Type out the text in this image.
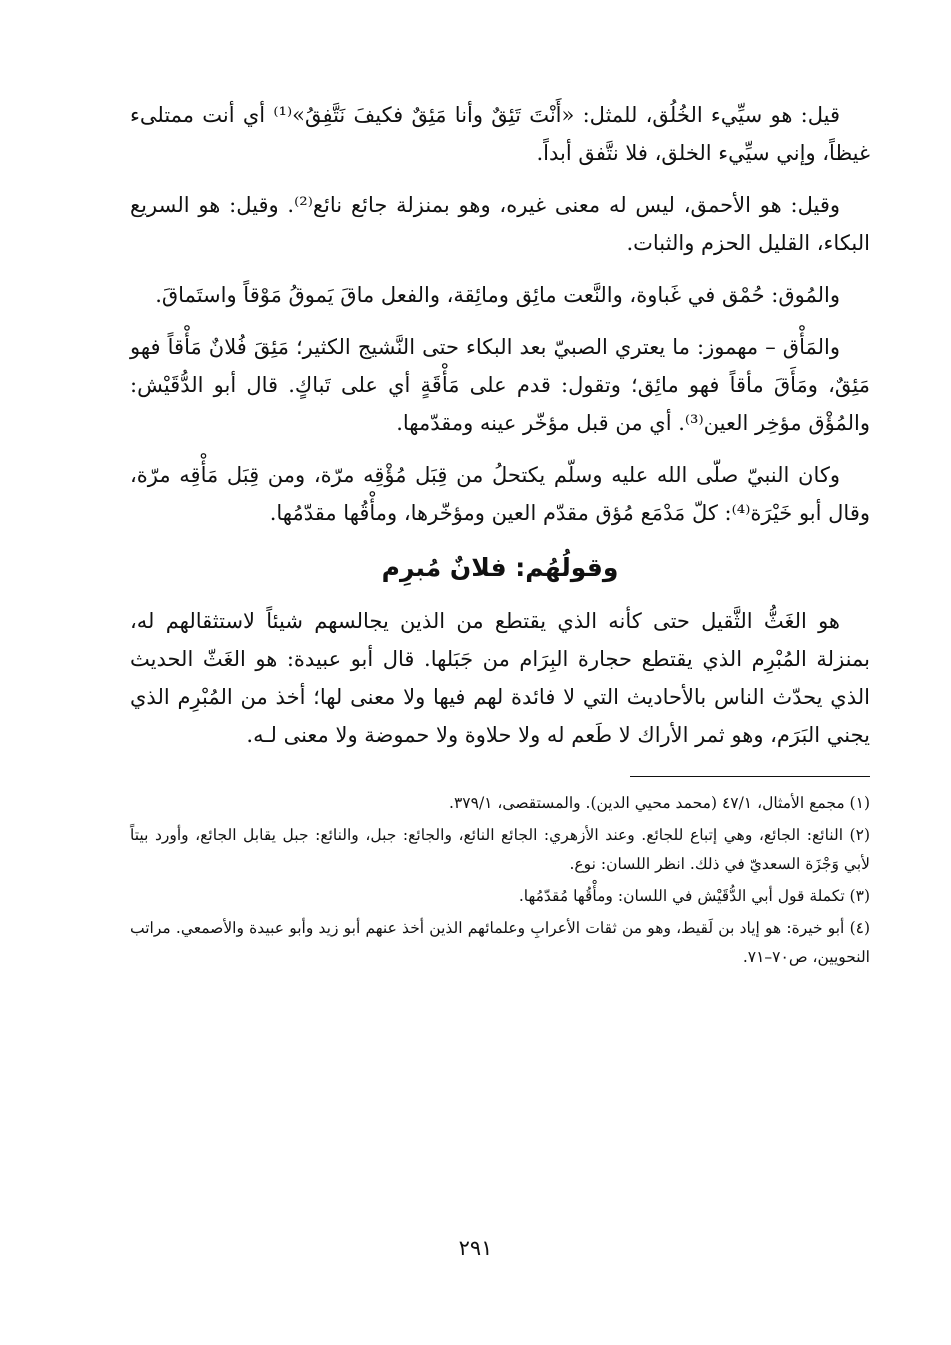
قيل: هو سيِّيء الخُلُق، للمثل: «أَنْتَ تَئِقٌ وأنا مَئِقٌ فكيفَ نَتَّفِقُ»⁽¹⁾ أي أنت ممتلىء غيظاً، وإني سيِّيء الخلق، فلا نتَّفق أبداً.

وقيل: هو الأحمق، ليس له معنى غيره، وهو بمنزلة جائع نائع⁽²⁾. وقيل: هو السريع البكاء، القليل الحزم والثبات.

والمُوق: حُمْق في غَباوة، والنَّعت مائِق ومائِقة، والفعل ماقَ يَموقُ مَوْقاً واستَماقَ.

والمَأْق – مهموز: ما يعتري الصبيّ بعد البكاء حتى النَّشيج الكثير؛ مَئِقَ فُلانٌ مَأْقاً فهو مَئِقٌ، ومَأَقَ مأقاً فهو مائِق؛ وتقول: قدم على مَأْقَةٍ أي على تَباكٍ. قال أبو الدُّقَيْش: والمُؤْق مؤخِر العين⁽³⁾. أي من قبل مؤخّر عينه ومقدّمها.

وكان النبيّ صلّى الله عليه وسلّم يكتحلُ من قِبَل مُؤْقِه مرّة، ومن قِبَل مَأْقِه مرّة، وقال أبو خَيْرَة⁽⁴⁾: كلّ مَدْمَع مُؤق مقدّم العين ومؤخّرها، ومأْقُها مقدّمُها.

وقولُهُم: فلانٌ مُبرِم

هو الغَثُّ الثَّقيل حتى كأنه الذي يقتطع من الذين يجالسهم شيئاً لاستثقالهم له، بمنزلة المُبْرِم الذي يقتطع حجارة البِرَام من جَبَلها. قال أبو عبيدة: هو الغَثّ الحديث الذي يحدّث الناس بالأحاديث التي لا فائدة لهم فيها ولا معنى لها؛ أخذ من المُبْرِم الذي يجني البَرَم، وهو ثمر الأراك لا طَعم له ولا حلاوة ولا حموضة ولا معنى لـه.

(١) مجمع الأمثال، ٤٧/١ (محمد محيي الدين). والمستقصى، ٣٧٩/١.

(٢) النائع: الجائع، وهي إتباع للجائع. وعند الأزهري: الجائع النائع، والجائع: جبل، والنائع: جبل يقابل الجائع، وأورد بيتاً لأبي وَجْزَة السعديّ في ذلك. انظر اللسان: نوع.

(٣) تكملة قول أبي الدُّقَيْش في اللسان: ومأْقُها مُقدّمُها.

(٤) أبو خيرة: هو إياد بن لَقيط، وهو من ثقات الأعرابِ وعلمائهم الذين أخذ عنهم أبو زيد وأبو عبيدة والأصمعي. مراتب النحويين، ص٧٠–٧١.

٢٩١
